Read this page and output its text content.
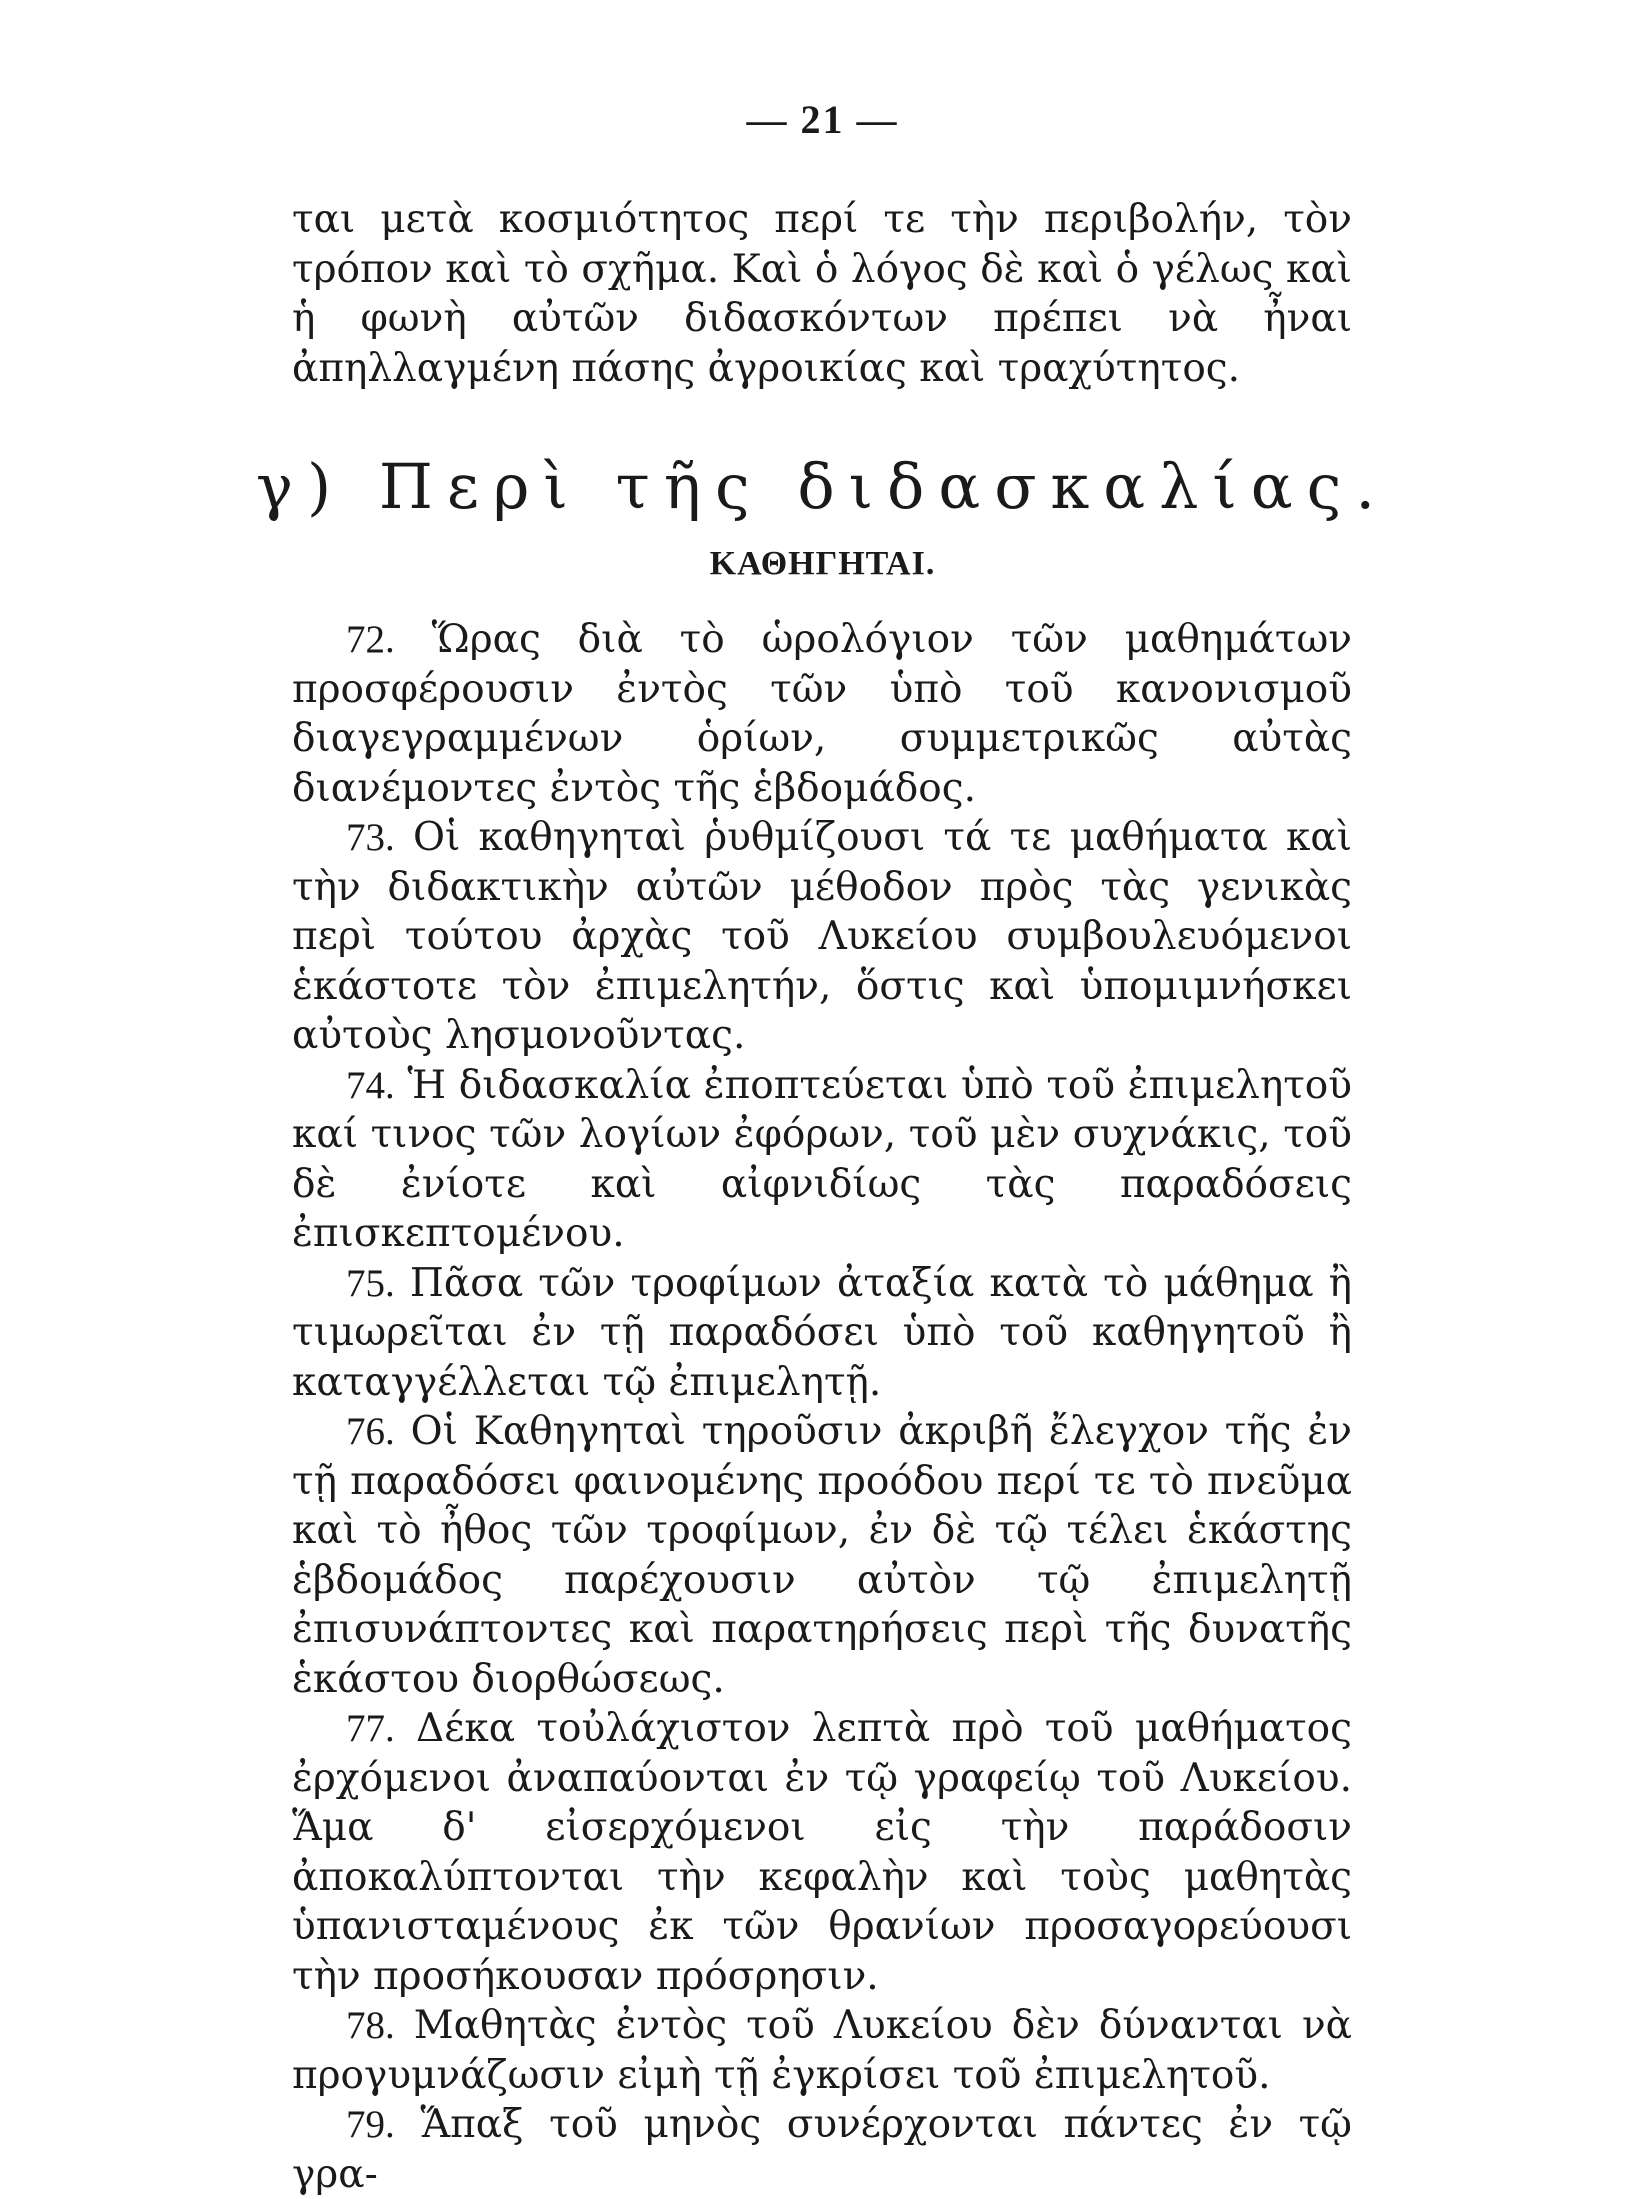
— 21 —

ται μετὰ κοσμιότητος περί τε τὴν περιβολήν, τὸν τρόπον καὶ τὸ σχῆμα. Καὶ ὁ λόγος δὲ καὶ ὁ γέλως καὶ ἡ φωνὴ αὐτῶν διδασκόντων πρέπει νὰ ἦναι ἀπηλλαγμένη πάσης ἀγροικίας καὶ τραχύτητος.

γ) Περὶ τῆς διδασκαλίας.
ΚΑΘΗΓΗΤΑΙ.

72. Ὥρας διὰ τὸ ὡρολόγιον τῶν μαθημάτων προσφέρουσιν ἐντὸς τῶν ὑπὸ τοῦ κανονισμοῦ διαγεγραμμένων ὁρίων, συμμετρικῶς αὐτὰς διανέμοντες ἐντὸς τῆς ἑβδομάδος.

73. Οἱ καθηγηταὶ ῥυθμίζουσι τά τε μαθήματα καὶ τὴν διδακτικὴν αὐτῶν μέθοδον πρὸς τὰς γενικὰς περὶ τούτου ἀρχὰς τοῦ Λυκείου συμβουλευόμενοι ἑκάστοτε τὸν ἐπιμελητήν, ὅστις καὶ ὑπομιμνήσκει αὐτοὺς λησμονοῦντας.

74. Ἡ διδασκαλία ἐποπτεύεται ὑπὸ τοῦ ἐπιμελητοῦ καί τινος τῶν λογίων ἐφόρων, τοῦ μὲν συχνάκις, τοῦ δὲ ἐνίοτε καὶ αἰφνιδίως τὰς παραδόσεις ἐπισκεπτομένου.

75. Πᾶσα τῶν τροφίμων ἀταξία κατὰ τὸ μάθημα ἢ τιμωρεῖται ἐν τῇ παραδόσει ὑπὸ τοῦ καθηγητοῦ ἢ καταγγέλλεται τῷ ἐπιμελητῇ.

76. Οἱ Καθηγηταὶ τηροῦσιν ἀκριβῆ ἔλεγχον τῆς ἐν τῇ παραδόσει φαινομένης προόδου περί τε τὸ πνεῦμα καὶ τὸ ἦθος τῶν τροφίμων, ἐν δὲ τῷ τέλει ἑκάστης ἑβδομάδος παρέχουσιν αὐτὸν τῷ ἐπιμελητῇ ἐπισυνάπτοντες καὶ παρατηρήσεις περὶ τῆς δυνατῆς ἑκάστου διορθώσεως.

77. Δέκα τοὐλάχιστον λεπτὰ πρὸ τοῦ μαθήματος ἐρχόμενοι ἀναπαύονται ἐν τῷ γραφείῳ τοῦ Λυκείου. Ἅμα δ' εἰσερχόμενοι εἰς τὴν παράδοσιν ἀποκαλύπτονται τὴν κεφαλὴν καὶ τοὺς μαθητὰς ὑπανισταμένους ἐκ τῶν θρανίων προσαγορεύουσι τὴν προσήκουσαν πρόσρησιν.

78. Μαθητὰς ἐντὸς τοῦ Λυκείου δὲν δύνανται νὰ προγυμνάζωσιν εἰμὴ τῇ ἐγκρίσει τοῦ ἐπιμελητοῦ.

79. Ἅπαξ τοῦ μηνὸς συνέρχονται πάντες ἐν τῷ γρα-
